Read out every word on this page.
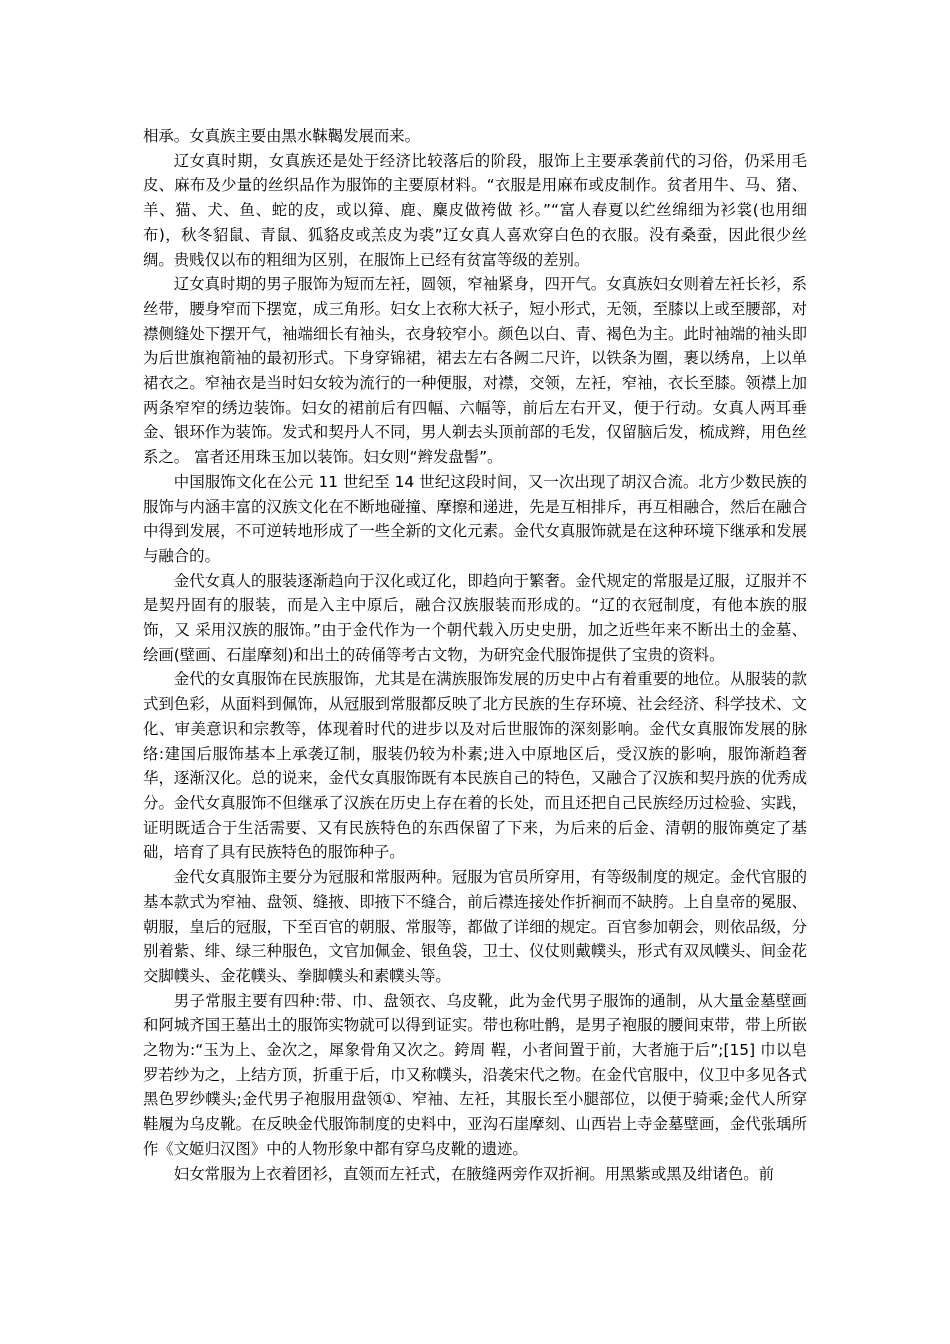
相承。女真族主要由黑水靺鞨发展而来。

辽女真时期，女真族还是处于经济比较落后的阶段，服饰上主要承袭前代的习俗，仍采用毛皮、麻布及少量的丝织品作为服饰的主要原材料。“衣服是用麻布或皮制作。贫者用牛、马、猪、羊、猫、犬、鱼、蛇的皮，或以獐、鹿、麋皮做袴做 衫。”“富人春夏以纻丝绵细为衫裳(也用细 布)，秋冬貂鼠、青鼠、狐貉皮或羔皮为裘”辽女真人喜欢穿白色的衣服。没有桑蚕，因此很少丝绸。贵贱仅以布的粗细为区别，在服饰上已经有贫富等级的差别。

辽女真时期的男子服饰为短而左衽，圆领，窄袖紧身，四开气。女真族妇女则着左衽长衫，系丝带，腰身窄而下摆宽，成三角形。妇女上衣称大袄子，短小形式，无领，至膝以上或至腰部，对襟侧缝处下摆开气，袖端细长有袖头，衣身较窄小。颜色以白、青、褐色为主。此时袖端的袖头即为后世旗袍箭袖的最初形式。下身穿锦裙，裙去左右各阙二尺许，以铁条为圈，裹以绣帛，上以单裙衣之。窄袖衣是当时妇女较为流行的一种便服，对襟，交领，左衽，窄袖，衣长至膝。领襟上加两条窄窄的绣边装饰。妇女的裙前后有四幅、六幅等，前后左右开叉，便于行动。女真人两耳垂金、银环作为装饰。发式和契丹人不同，男人剃去头顶前部的毛发，仅留脑后发，梳成辫，用色丝系之。 富者还用珠玉加以装饰。妇女则“辫发盘髻”。

中国服饰文化在公元 11 世纪至 14 世纪这段时间，又一次出现了胡汉合流。北方少数民族的服饰与内涵丰富的汉族文化在不断地碰撞、摩擦和递进，先是互相排斥，再互相融合，然后在融合中得到发展，不可逆转地形成了一些全新的文化元素。金代女真服饰就是在这种环境下继承和发展与融合的。

金代女真人的服装逐渐趋向于汉化或辽化，即趋向于繁奢。金代规定的常服是辽服，辽服并不是契丹固有的服装，而是入主中原后，融合汉族服装而形成的。“辽的衣冠制度，有他本族的服饰，又 采用汉族的服饰。”由于金代作为一个朝代载入历史史册，加之近些年来不断出土的金墓、绘画(壁画、石崖摩刻)和出土的砖俑等考古文物，为研究金代服饰提供了宝贵的资料。

金代的女真服饰在民族服饰，尤其是在满族服饰发展的历史中占有着重要的地位。从服装的款式到色彩，从面料到佩饰，从冠服到常服都反映了北方民族的生存环境、社会经济、科学技术、文化、审美意识和宗教等，体现着时代的进步以及对后世服饰的深刻影响。金代女真服饰发展的脉络:建国后服饰基本上承袭辽制，服装仍较为朴素;进入中原地区后，受汉族的影响，服饰渐趋奢华，逐渐汉化。总的说来，金代女真服饰既有本民族自己的特色，又融合了汉族和契丹族的优秀成分。金代女真服饰不但继承了汉族在历史上存在着的长处，而且还把自己民族经历过检验、实践，证明既适合于生活需要、又有民族特色的东西保留了下来，为后来的后金、清朝的服饰奠定了基础，培育了具有民族特色的服饰种子。

金代女真服饰主要分为冠服和常服两种。冠服为官员所穿用，有等级制度的规定。金代官服的基本款式为窄袖、盘领、缝掖、即掖下不缝合，前后襟连接处作折裥而不缺胯。上自皇帝的冕服、朝服，皇后的冠服，下至百官的朝服、常服等，都做了详细的规定。百官参加朝会，则依品级，分别着紫、绯、绿三种服色，文官加佩金、银鱼袋，卫士、仪仗则戴幞头，形式有双凤幞头、间金花交脚幞头、金花幞头、拳脚幞头和素幞头等。

男子常服主要有四种:带、巾、盘领衣、乌皮靴，此为金代男子服饰的通制，从大量金墓壁画和阿城齐国王墓出土的服饰实物就可以得到证实。带也称吐鹘，是男子袍服的腰间束带，带上所嵌之物为:“玉为上、金次之，犀象骨角又次之。銙周 鞓，小者间置于前，大者施于后”;[15] 巾以皂罗若纱为之，上结方顶，折重于后，巾又称幞头，沿袭宋代之物。在金代官服中，仪卫中多见各式黑色罗纱幞头;金代男子袍服用盘领①、窄袖、左衽，其服长至小腿部位，以便于骑乘;金代人所穿鞋履为乌皮靴。在反映金代服饰制度的史料中，亚沟石崖摩刻、山西岩上寺金墓壁画，金代张瑀所作《文姬归汉图》中的人物形象中都有穿乌皮靴的遗迹。

妇女常服为上衣着团衫，直领而左衽式，在腋缝两旁作双折裥。用黑紫或黑及绀诸色。前
